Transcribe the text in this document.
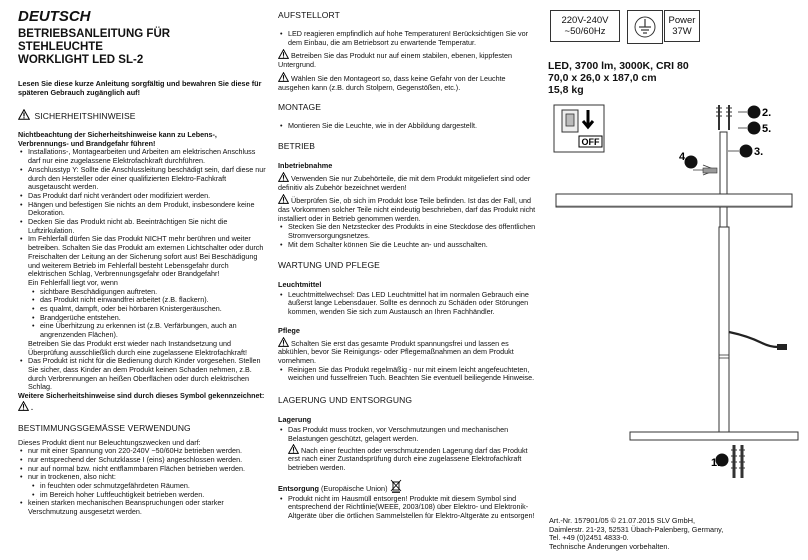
DEUTSCH
BETRIEBSANLEITUNG FÜR
STEHLEUCHTE
WORKLIGHT LED SL-2

Lesen Sie diese kurze Anleitung sorgfältig und bewahren Sie diese für späteren Gebrauch zugänglich auf!

SICHERHEITSHINWEISE

Nichtbeachtung der Sicherheitshinweise kann zu Lebens-, Verbrennungs- und Brandgefahr führen!

• Installations-, Montagearbeiten und Arbeiten am elektrischen Anschluss darf nur eine zugelassene Elektrofachkraft durchführen.
• Anschlusstyp Y: Sollte die Anschlussleitung beschädigt sein, darf diese nur durch den Hersteller oder einer qualifizierten Elektro-Fachkraft ausgetauscht werden.
• Das Produkt darf nicht verändert oder modifiziert werden.
• Hängen und befestigen Sie nichts an dem Produkt, insbesondere keine Dekoration.
• Decken Sie das Produkt nicht ab. Beeinträchtigen Sie nicht die Luftzirkulation.
• Im Fehlerfall dürfen Sie das Produkt NICHT mehr berühren und weiter betreiben. Schalten Sie das Produkt am externen Lichtschalter oder durch Freischalten der Leitung an der Sicherung sofort aus! Bei Beschädigung und weiterem Betrieb im Fehlerfall besteht Lebensgefahr durch elektrischen Schlag, Verbrennungsgefahr oder Brandgefahr!
Ein Fehlerfall liegt vor, wenn
• sichtbare Beschädigungen auftreten.
• das Produkt nicht einwandfrei arbeitet (z.B. flackern).
• es qualmt, dampft, oder bei hörbaren Knistergeräuschen.
• Brandgerüche entstehen.
• eine Überhitzung zu erkennen ist (z.B. Verfärbungen, auch an angrenzenden Flächen).
Betreiben Sie das Produkt erst wieder nach Instandsetzung und Überprüfung ausschließlich durch eine zugelassene Elektrofachkraft!
• Das Produkt ist nicht für die Bedienung durch Kinder vorgesehen. Stellen Sie sicher, dass Kinder an dem Produkt keinen Schaden nehmen, z.B. durch Verbrennungen an heißen Oberflächen oder durch elektrischen Schlag.

Weitere Sicherheitshinweise sind durch dieses Symbol gekennzeichnet:
.

BESTIMMUNGSGEMÄSSE VERWENDUNG

Dieses Produkt dient nur Beleuchtungszwecken und darf:

• nur mit einer Spannung von 220-240V ~50/60Hz betrieben werden.
• nur entsprechend der Schutzklasse I (eins) angeschlossen werden.
• nur auf normal bzw. nicht entflammbaren Flächen betrieben werden.
• nur in trockenen, also nicht:
• in feuchten oder schmutzgefährdeten Räumen.
• im Bereich hoher Luftfeuchtigkeit betrieben werden.
• keinen starken mechanischen Beanspruchungen oder starker Verschmutzung ausgesetzt werden.
AUFSTELLORT
• LED reagieren empfindlich auf hohe Temperaturen! Berücksichtigen Sie vor dem Einbau, die am Betriebsort zu erwartende Temperatur.

Betreiben Sie das Produkt nur auf einem stabilen, ebenen, kippfesten Untergrund.

Wählen Sie den Montageort so, dass keine Gefahr von der Leuchte ausgehen kann (z.B. durch Stolpern, Gegenstößen, etc.).

MONTAGE
• Montieren Sie die Leuchte, wie in der Abbildung dargestellt.
BETRIEB
Inbetriebnahme

Verwenden Sie nur Zubehörteile, die mit dem Produkt mitgeliefert sind oder definitiv als Zubehör bezeichnet werden!

Überprüfen Sie, ob sich im Produkt lose Teile befinden. Ist das der Fall, und das Vorkommen solcher Teile nicht eindeutig beschrieben, darf das Produkt nicht installiert oder in Betrieb genommen werden.

• Stecken Sie den Netzstecker des Produkts in eine Steckdose des öffentlichen Stromversorgungsnetzes.
• Mit dem Schalter können Sie die Leuchte an- und ausschalten.
WARTUNG UND PFLEGE
Leuchtmittel
• Leuchtmittelwechsel: Das LED Leuchtmittel hat im normalen Gebrauch eine äußerst lange Lebensdauer. Sollte es dennoch zu Schäden oder Störungen kommen, wenden Sie sich zum Austausch an Ihren Fachhändler.
Pflege

Schalten Sie erst das gesamte Produkt spannungsfrei und lassen es abkühlen, bevor Sie Reinigungs- oder Pflegemaßnahmen an dem Produkt vornehmen.

• Reinigen Sie das Produkt regelmäßig - nur mit einem leicht angefeuchteten, weichen und fusselfreien Tuch. Beachten Sie eventuell beiliegende Hinweise.
LAGERUNG UND ENTSORGUNG
Lagerung
• Das Produkt muss trocken, vor Verschmutzungen und mechanischen Belastungen geschützt, gelagert werden.

Nach einer feuchten oder verschmutzenden Lagerung darf das Produkt erst nach einer Zustandsprüfung durch eine zugelassene Elektrofachkraft betrieben werden.

Entsorgung (Europäische Union)
• Produkt nicht im Hausmüll entsorgen! Produkte mit diesem Symbol sind entsprechend der Richtlinie(WEEE, 2003/108) über Elektro- und Elektronik-Altgeräte über die örtlichen Sammelstellen für Elektro-Altgeräte zu entsorgen!
220V-240V
~50/60Hz
Power
37W
LED, 3700 lm, 3000K, CRI 80
70,0 x 26,0 x 187,0 cm
15,8 kg
OFF
2.
5.
3.
4.
1.
Art.-Nr. 157901/05 © 21.07.2015 SLV GmbH,
Daimlerstr. 21-23, 52531 Übach-Palenberg, Germany,
Tel. +49 (0)2451 4833-0.
Technische Änderungen vorbehalten.
